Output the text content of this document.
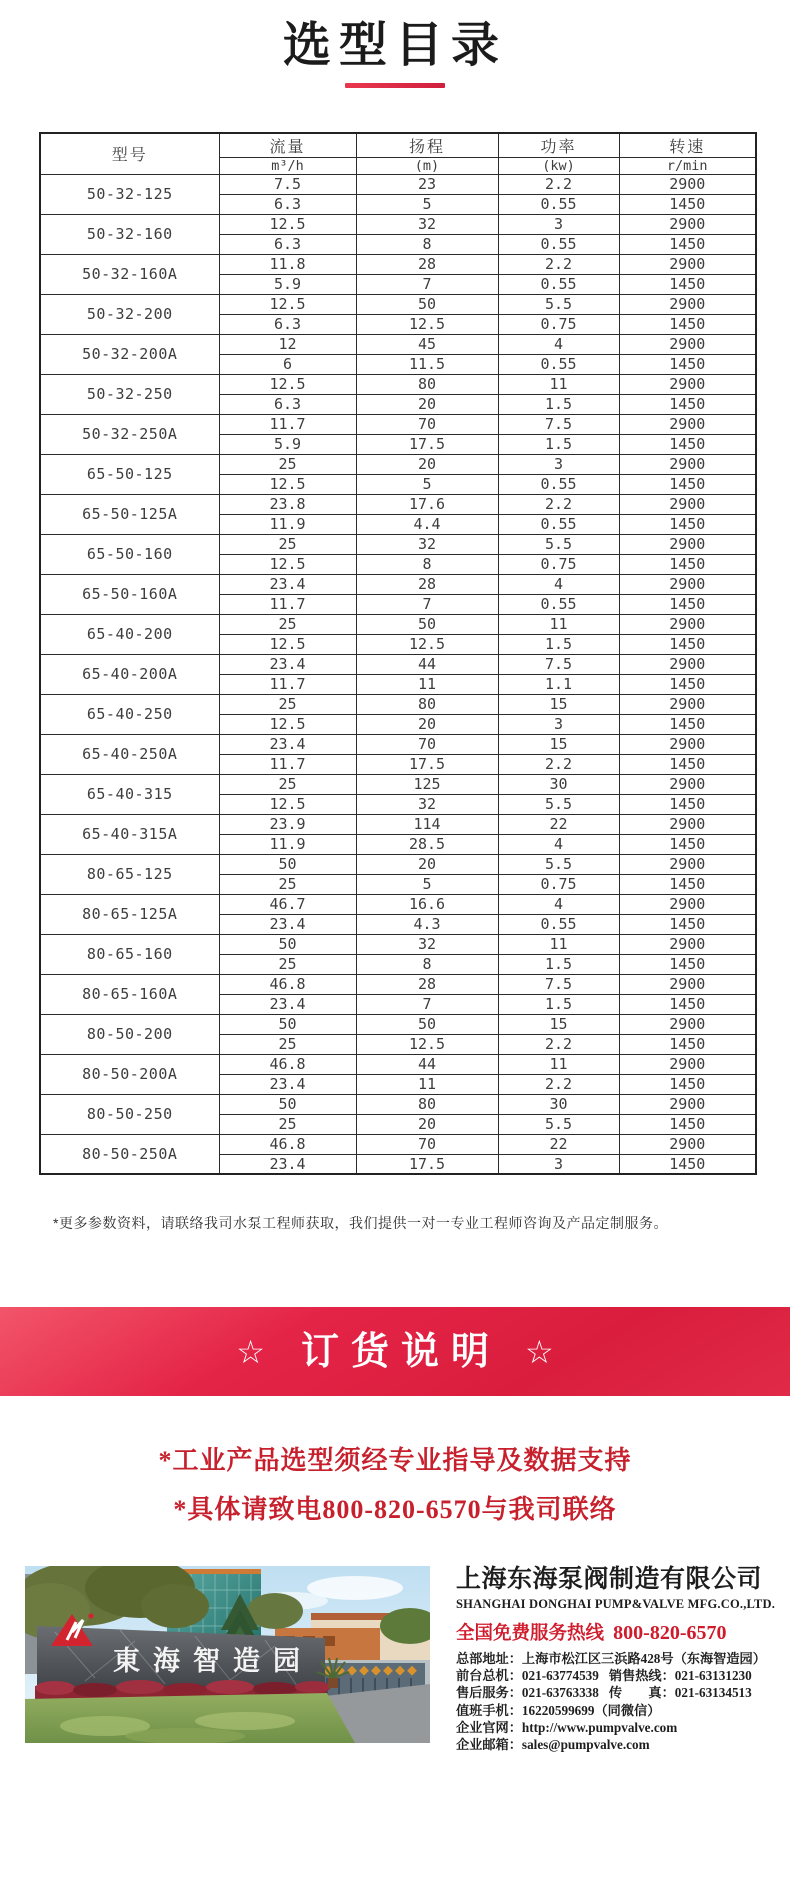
选型目录
型号	流量	扬程	功率	转速
	m³/h	(m)	(kw)	r/min
50-32-125	7.5	23	2.2	2900
	6.3	5	0.55	1450
50-32-160	12.5	32	3	2900
	6.3	8	0.55	1450
50-32-160A	11.8	28	2.2	2900
	5.9	7	0.55	1450
50-32-200	12.5	50	5.5	2900
	6.3	12.5	0.75	1450
50-32-200A	12	45	4	2900
	6	11.5	0.55	1450
50-32-250	12.5	80	11	2900
	6.3	20	1.5	1450
50-32-250A	11.7	70	7.5	2900
	5.9	17.5	1.5	1450
65-50-125	25	20	3	2900
	12.5	5	0.55	1450
65-50-125A	23.8	17.6	2.2	2900
	11.9	4.4	0.55	1450
65-50-160	25	32	5.5	2900
	12.5	8	0.75	1450
65-50-160A	23.4	28	4	2900
	11.7	7	0.55	1450
65-40-200	25	50	11	2900
	12.5	12.5	1.5	1450
65-40-200A	23.4	44	7.5	2900
	11.7	11	1.1	1450
65-40-250	25	80	15	2900
	12.5	20	3	1450
65-40-250A	23.4	70	15	2900
	11.7	17.5	2.2	1450
65-40-315	25	125	30	2900
	12.5	32	5.5	1450
65-40-315A	23.9	114	22	2900
	11.9	28.5	4	1450
80-65-125	50	20	5.5	2900
	25	5	0.75	1450
80-65-125A	46.7	16.6	4	2900
	23.4	4.3	0.55	1450
80-65-160	50	32	11	2900
	25	8	1.5	1450
80-65-160A	46.8	28	7.5	2900
	23.4	7	1.5	1450
80-50-200	50	50	15	2900
	25	12.5	2.2	1450
80-50-200A	46.8	44	11	2900
	23.4	11	2.2	1450
80-50-250	50	80	30	2900
	25	20	5.5	1450
80-50-250A	46.8	70	22	2900
	23.4	17.5	3	1450

*更多参数资料，请联络我司水泵工程师获取，我们提供一对一专业工程师咨询及产品定制服务。

☆ 订货说明 ☆

*工业产品选型须经专业指导及数据支持

*具体请致电800-820-6570与我司联络

東海智造园
上海东海泵阀制造有限公司
SHANGHAI DONGHAI PUMP&VALVE MFG.CO.,LTD.
全国免费服务热线 800-820-6570
总部地址：上海市松江区三浜路428号（东海智造园）
前台总机：021-63774539 销售热线：021-63131230
售后服务：021-63763338 传　　真：021-63134513
值班手机：16220599699（同微信）
企业官网：http://www.pumpvalve.com
企业邮箱：sales@pumpvalve.com
